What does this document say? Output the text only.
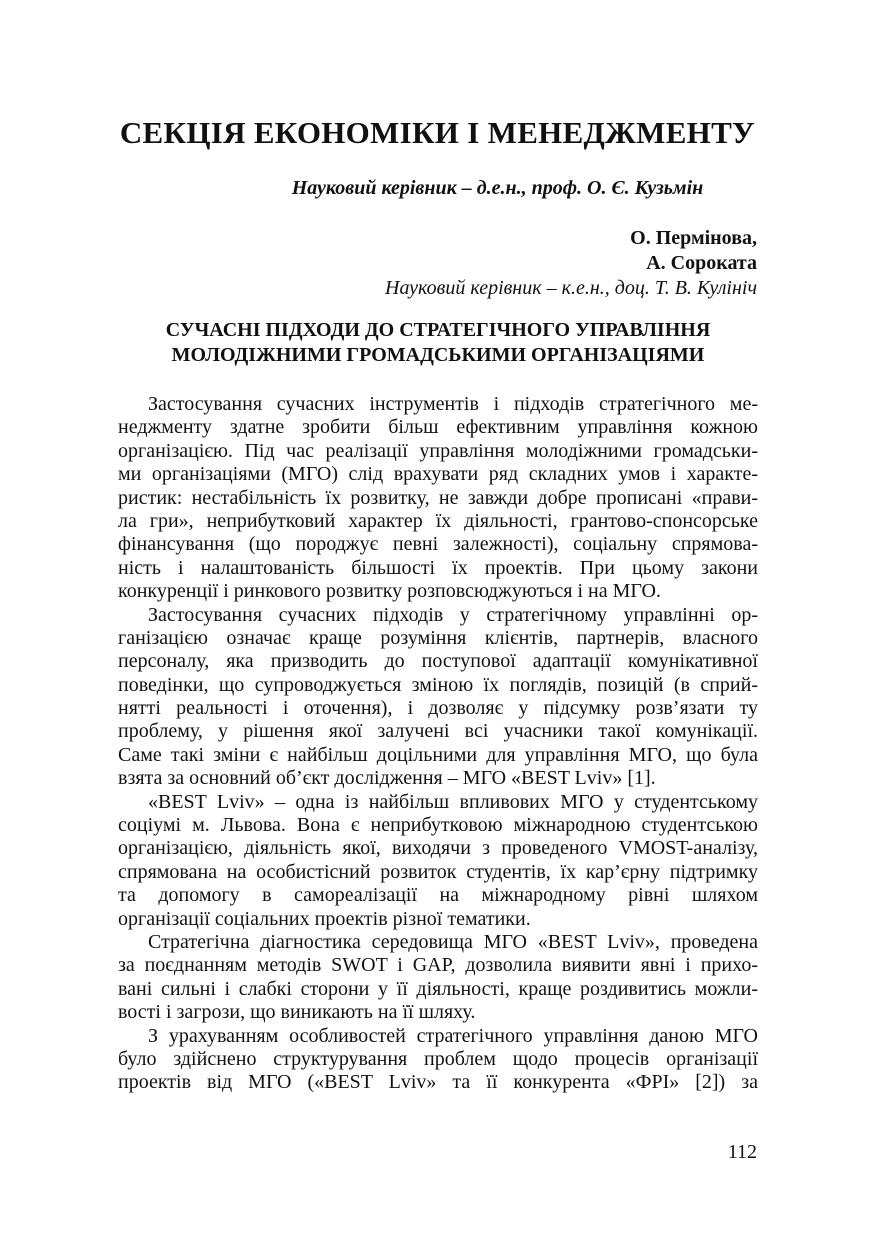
СЕКЦІЯ ЕКОНОМІКИ І МЕНЕДЖМЕНТУ

Науковий керівник – д.е.н., проф. О. Є. Кузьмін

О. Пермінова,
А. Сороката
Науковий керівник – к.е.н., доц. Т. В. Кулініч
СУЧАСНІ ПІДХОДИ ДО СТРАТЕГІЧНОГО УПРАВЛІННЯ
МОЛОДІЖНИМИ ГРОМАДСЬКИМИ ОРГАНІЗАЦІЯМИ
Застосування сучасних інструментів і підходів стратегічного ме-
неджменту здатне зробити більш ефективним управління кожною
організацією. Під час реалізації управління молодіжними громадськи-
ми організаціями (МГО) слід врахувати ряд складних умов і характе-
ристик: нестабільність їх розвитку, не завжди добре прописані «прави-
ла гри», неприбутковий характер їх діяльності, грантово-спонсорське
фінансування (що породжує певні залежності), соціальну спрямова-
ність і налаштованість більшості їх проектів. При цьому закони
конкуренції і ринкового розвитку розповсюджуються і на МГО.
Застосування сучасних підходів у стратегічному управлінні ор-
ганізацією означає краще розуміння клієнтів, партнерів, власного
персоналу, яка призводить до поступової адаптації комунікативної
поведінки, що супроводжується зміною їх поглядів, позицій (в сприй-
нятті реальності і оточення), і дозволяє у підсумку розв’язати ту
проблему, у рішення якої залучені всі учасники такої комунікації.
Саме такі зміни є найбільш доцільними для управління МГО, що була
взята за основний об’єкт дослідження – МГО «BEST Lviv» [1].
«BEST Lviv» – одна із найбільш впливових МГО у студентському
соціумі м. Львова. Вона є неприбутковою міжнародною студентською
організацією, діяльність якої, виходячи з проведеного VMOST-аналізу,
спрямована на особистісний розвиток студентів, їх кар’єрну підтримку
та допомогу в самореалізації на міжнародному рівні шляхом
організації соціальних проектів різної тематики.
Стратегічна діагностика середовища МГО «BEST Lviv», проведена
за поєднанням методів SWOT і GAP, дозволила виявити явні і прихо-
вані сильні і слабкі сторони у її діяльності, краще роздивитись можли-
вості і загрози, що виникають на її шляху.
З урахуванням особливостей стратегічного управління даною МГО
було здійснено структурування проблем щодо процесів організації
проектів від МГО («BEST Lviv» та її конкурента «ФРІ» [2]) за

112
